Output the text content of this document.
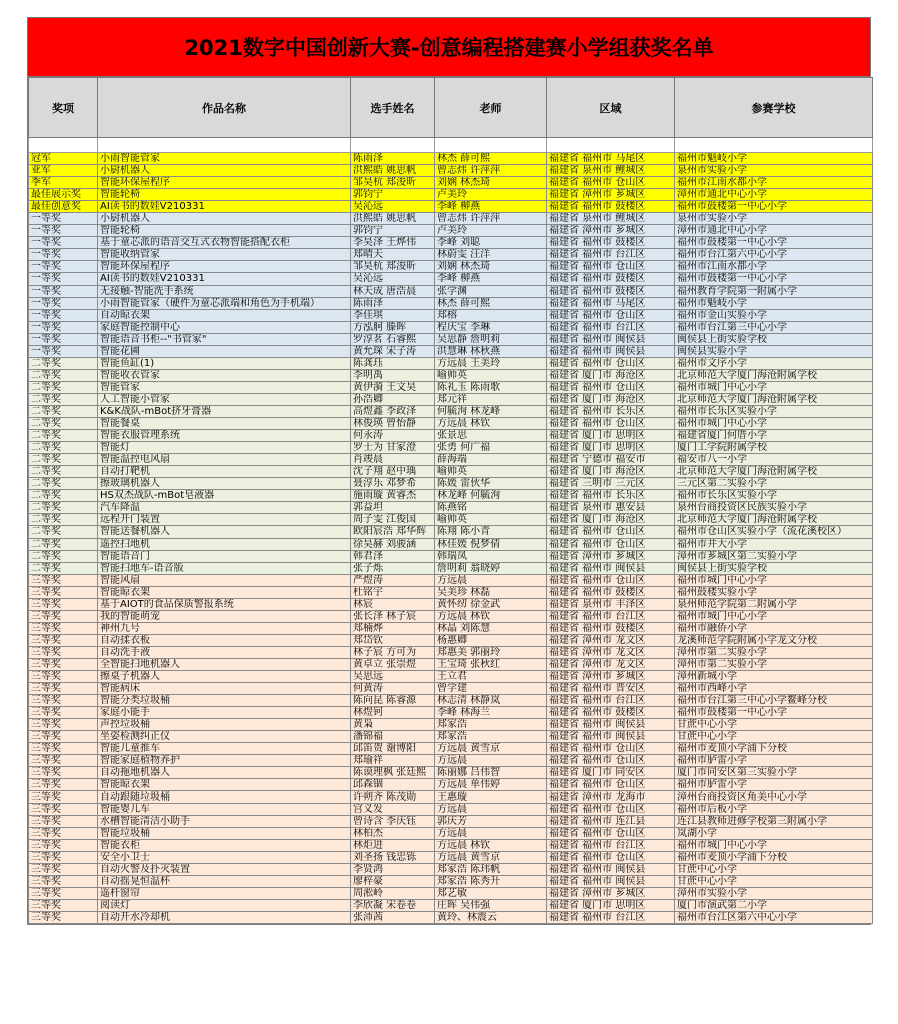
2021数字中国创新大赛-创意编程搭建赛小学组获奖名单
奖项	作品名称	选手姓名	老师	区域	参赛学校

冠军	小雨智能管家	陈雨泽	林杰 薛可熙	福建省 福州市 马尾区	福州市魁岐小学
亚军	小厨机器人	洪熙皓 姚思帆	曾志炜 许萍萍	福建省 泉州市 鲤城区	泉州市实验小学
季军	智能环保屋程序	邹昊杭 郑浚昕	刘娴 林杰琦	福建省 福州市 仓山区	福州市江南水都小学
最佳展示奖	智能轮椅	郭钧宁	卢美玲	福建省 漳州市 芗城区	漳州市通北中心小学
最佳创意奖	AI读书的数娃V210331	吴沁远	李峰 柳燕	福建省 福州市 鼓楼区	福州市鼓楼第一中心小学
一等奖	小厨机器人	洪熙皓 姚思帆	曾志炜 许萍萍	福建省 泉州市 鲤城区	泉州市实验小学
一等奖	智能轮椅	郭钧宁	卢美玲	福建省 漳州市 芗城区	漳州市通北中心小学
一等奖	基于童芯派的语音交互式衣物智能搭配衣柜	李昊泽 王烨伟	李峰 刘聪	福建省 福州市 鼓楼区	福州市鼓楼第一中心小学
一等奖	智能收纳管家	郑晴天	林蔚雯 汪洋	福建省 福州市 台江区	福州市台江第六中心小学
一等奖	智能环保屋程序	邹昊杭 郑浚昕	刘娴 林杰琦	福建省 福州市 仓山区	福州市江南水都小学
一等奖	AI读书的数娃V210331	吴沁远	李峰 柳燕	福建省 福州市 鼓楼区	福州市鼓楼第一中心小学
一等奖	无接触-智能洗手系统	林天成 唐浩晨	张学渊	福建省 福州市 鼓楼区	福州教育学院第一附属小学
一等奖	小雨智能管家（硬件为童芯派端和角色为手机端）	陈雨泽	林杰 薛可熙	福建省 福州市 马尾区	福州市魁岐小学
一等奖	自动晾衣架	李佳琪	郑榕	福建省 福州市 仓山区	福州市金山实验小学
一等奖	家庭智能控制中心	方泓舸 滕晖	程庆宝 李琳	福建省 福州市 台江区	福州市台江第三中心小学
一等奖	智能语音书柜--"书管家"	罗淳茗 石睿熙	吴思静 詹明莉	福建省 福州市 闽侯县	闽侯县上街实验学校
一等奖	智能花圃	黄允琛 宋子涛	洪慧琳 林秋燕	福建省 福州市 闽侯县	闽侯县实验小学
二等奖	智能鱼缸(1)	陈龚珏	方远晨 王美玲	福建省 福州市 仓山区	福州市文序小学
二等奖	智能收衣管家	李明禹	喻帅英	福建省 厦门市 海沧区	北京师范大学厦门海沧附属学校
二等奖	智能管家	黄伊漪 王文昊	陈礼玉 陈雨歌	福建省 福州市 仓山区	福州市城门中心小学
二等奖	人工智能小管家	孙浩卿	郑元祥	福建省 厦门市 海沧区	北京师范大学厦门海沧附属学校
二等奖	K&K战队-mBot挤牙膏器	高煜鑫 李政泽	何毓洵 林龙峰	福建省 福州市 长乐区	福州市长乐区实验小学
二等奖	智能餐桌	林俊瑛 曾怡静	方远晨 林钦	福建省 福州市 仓山区	福州市城门中心小学
二等奖	智能衣服管理系统	何永涛	张景思	福建省 厦门市 思明区	福建省厦门何厝小学
二等奖	智能灯	罗士为 甘家澄	张勇 何广福	福建省 厦门市 思明区	厦门工学院附属学校
二等奖	智能温控电风扇	肖竣晨	薛海端	福建省 宁德市 福安市	福安市八一小学
二等奖	自动打靶机	沈子翔 赵中瑀	喻帅英	福建省 厦门市 海沧区	北京师范大学厦门海沧附属学校
二等奖	擦玻璃机器人	聂淳乐 邓梦希	陈媛 雷伙华	福建省 三明市 三元区	三元区第二实验小学
二等奖	HS双杰战队-mBot皂液器	施雨璇 黄睿杰	林龙峰 何毓洵	福建省 福州市 长乐区	福州市长乐区实验小学
二等奖	汽车降温	郭益坦	陈燕铭	福建省 泉州市 惠安县	泉州台商投资区民族实验小学
二等奖	远程开门装置	周子雯 江俊国	喻帅英	福建省 厦门市 海沧区	北京师范大学厦门海沧附属学校
二等奖	智能送餐机器人	欧阳宸浩 郑华辉	陈翔 陈小青	福建省 福州市 仓山区	福州市仓山区实验小学（流花溪校区）
二等奖	遥控扫地机	徐昊赫 刘骏涵	林佳媛 倪梦倩	福建省 福州市 仓山区	福州市井大小学
二等奖	智能语音门	韩君泽	韩瑞凤	福建省 漳州市 芗城区	漳州市芗城区第二实验小学
二等奖	智能扫地车-语音版	张子烁	詹明莉 翁晓婷	福建省 福州市 闽侯县	闽侯县上街实验学校
三等奖	智能风扇	严煜涛	方远晨	福建省 福州市 仓山区	福州市城门中心小学
三等奖	智能晾衣架	杜铭宇	吴美珍 林磊	福建省 福州市 鼓楼区	福州鼓楼实验小学
三等奖	基于AIOT的食品保质警报系统	林宸	黄怀纫 徐金武	福建省 泉州市 丰泽区	泉州师范学院第二附属小学
三等奖	我的智能萌宠	张长泽 林子宸	方远晨 林钦	福建省 福州市 台江区	福州市城门中心小学
三等奖	神州九号	郑楠烨	林晶 刘陈慧	福建省 福州市 鼓楼区	福州市融侨小学
三等奖	自动揉衣板	郑岱钦	杨惠卿	福建省 漳州市 龙文区	龙溪师范学院附属小学龙文分校
三等奖	自动洗手液	林子宸 方可为	郑惠美 郭丽玲	福建省 漳州市 龙文区	漳州市第二实验小学
三等奖	全智能扫地机器人	黄卓立 张崇煜	王宝琦 张秋红	福建省 漳州市 龙文区	漳州市第二实验小学
三等奖	擦桌子机器人	吴思远	王立君	福建省 漳州市 芗城区	漳州新城小学
三等奖	智能病床	何黄涛	曾学建	福建省 福州市 晋安区	福州市西峰小学
三等奖	智能分类垃圾桶	陈向昆 陈睿源	林志清 林静岚	福建省 福州市 台江区	福州市台江第三中心小学鳌峰分校
三等奖	家庭小能手	林煜钶	李峰 林海兰	福建省 福州市 鼓楼区	福州市鼓楼第一中心小学
三等奖	声控垃圾桶	黄枭	郑家浩	福建省 福州市 闽侯县	甘蔗中心小学
三等奖	坐姿检测纠正仪	潘锦福	郑家浩	福建省 福州市 闽侯县	甘蔗中心小学
三等奖	智能儿童推车	邱笛贺 谢博阳	方远晨 黄雪京	福建省 福州市 仓山区	福州市麦顶小学浦下分校
三等奖	智能家庭植物养护	郑瑜祥	方远晨	福建省 福州市 仓山区	福州市胪雷小学
三等奖	自动拖地机器人	陈谟理枫 张廷熙	陈丽娜 吕伟智	福建省 厦门市 同安区	厦门市同安区第三实验小学
三等奖	智能晾衣架	邱森锢	方远晨 单伟婷	福建省 福州市 仓山区	福州市胪雷小学
三等奖	自动跟随垃圾桶	许朔齐 陈茂勋	王惠璇	福建省 漳州市 龙海市	漳州台商投资区角美中心小学
三等奖	智能婴儿车	宫义发	方远晨	福建省 福州市 仓山区	福州市后板小学
三等奖	水槽智能清洁小助手	曾诗含 李庆钰	郭庆芳	福建省 福州市 连江县	连江县教师进修学校第三附属小学
三等奖	智能垃圾桶	林柏杰	方远晨	福建省 福州市 仓山区	岚湖小学
三等奖	智能衣柜	林炬进	方远晨 林钦	福建省 福州市 台江区	福州市城门中心小学
三等奖	安全小卫士	刘圣扬 钱忠铄	方远晨 黄雪京	福建省 福州市 仓山区	福州市麦顶小学浦下分校
三等奖	自动火警及扑灭装置	李贤鸿	郑家浩 陈玮帆	福建省 福州市 闽侯县	甘蔗中心小学
三等奖	自动摇晃恒温杯	廖梓豪	郑家浩 陈秀升	福建省 福州市 闽侯县	甘蔗中心小学
三等奖	遥杆窗帘	周淞岭	郑艺敏	福建省 漳州市 芗城区	漳州市实验小学
三等奖	阅读灯	李欣凝 宋卷卷	庄晖 吴伟强	福建省 厦门市 思明区	厦门市演武第二小学
三等奖	自动开水冷却机	张沛茜	黄玲、林震云	福建省 福州市 台江区	福州市台江区第六中心小学
